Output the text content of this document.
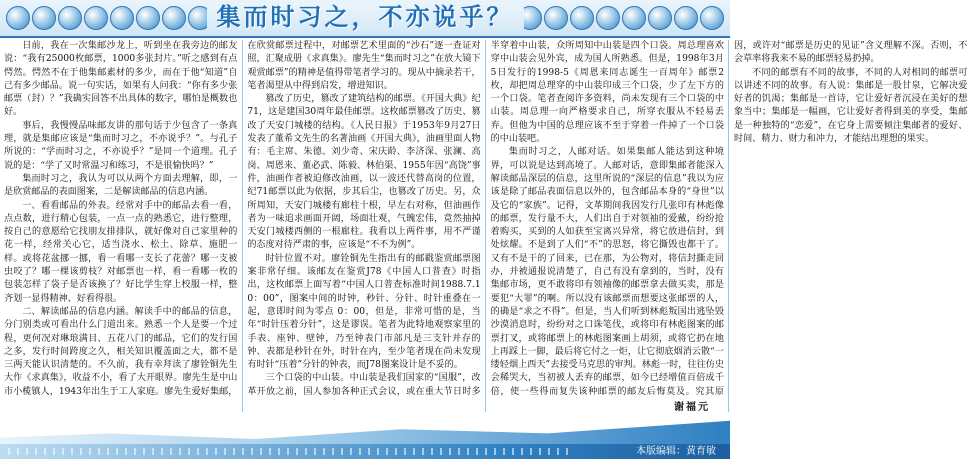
集而时习之，不亦说乎？

日前，我在一次集邮沙龙上，听到坐在我旁边的邮友说：“我有25000枚邮票，1000多张封片。”听之感到有点愕然。愕然不在于他集邮素材的多少，而在于他“知道”自己有多少邮品。说一句实话，如果有人问我：“你有多少张邮票（封）？”我确实回答不出具体的数字，哪怕是概数也好。

事后，我慢慢品味邮友讲的那句话于少包含了一条真理，就是集邮应该是“集而时习之，不亦说乎？”。与孔子所说的：“学而时习之，不亦说乎？”是同一个道理。孔子说的是：“学了又时常温习和练习，不是很愉快吗？”

集而时习之，我认为可以从两个方面去理解，即，一是欣赏邮品的表面图案，二是解读邮品的信息内涵。

一、看看邮品的外表。经常对手中的邮品去看一看，点点数，进行精心包装，一点一点的熟悉它，进行整理，按自己的意愿给它找朋友排排队，就好像对自己家里种的花一样，经常关心它，适当浇水、松土、除草、施肥一样。或将花盆挪一挪，看一看哪一支长了花蕾？哪一支被虫咬了？哪一棵该剪枝？对邮票也一样，看一看哪一枚的包装怎样了袋子是否该换了？好比学生穿上校服一样，整齐划一显得精神、好看得很。

二、解读邮品的信息内涵。解读手中的邮品的信息，分门别类或可看出什么门道出来。熟悉一个人是要一个过程，更何况对琳琅满目、五花八门的邮品，它们的发行国之多，发行时间跨度之久，相关知识覆盖面之大，都不是三两天能认识清楚的。不久前，我有幸拜读了廖铨铜先生大作《求真集》，收益不小，看了大开眼界。廖先生是中山市小榄镇人，1943年出生于工人家庭。廖先生爱好集邮，在欣赏邮票过程中，对邮票艺术里面的“沙石”逐一查证对照，汇聚成册《求真集》。廖先生“集而时习之”在放大镜下观赏邮票”的精神是值得带笔者学习的。现从中摘录若干，笔者渴望从中得到启发，增进知识。

篡改了历史，篡改了建筑结构的邮票。《开国大典》纪71，这是建国30周年最佳邮票。这枚邮票篡改了历史、篡改了天安门城楼的结构。《人民日报》于1953年9月27日发表了董希文先生的名著油画《开国大典》，油画里面人物有：毛主席、朱德、刘少奇、宋庆龄、李济深、张澜、高岗、周恩来、董必武、陈毅、林伯渠、1955年因“高饶”事件，油画作者被迫修改油画，以一波还代替高岗的位置，纪71邮票以此为依据，步其后尘，也篡改了历史。另，众所周知，天安门城楼有廊柱十根，早左右对称，但油画作者为一味追求画面开阔，场面壮观，气魄宏伟，竟然抽掉天安门城楼西侧的一根廊柱。我看以上两件事，用不严谨的态度对待严肃的事，应该是“不不为例”。

时针位置不对。廖铨铜先生指出有的邮戳鉴赏邮票图案非常仔细。该邮友在鉴赏J78《中国人口普查》时指出，这枚邮票上面写着“中国人口普查标准时间1988.7.1 0：00”，图案中间的时钟，秒针、分针、时针重叠在一起，意即时间为零点 0：00，但是，非常可惜的是，当年“时针压着分针”，这是谬误。笔者为此特地观察家里的手表、座钟、壁钟，乃至钟表门市部凡是三支针并存的钟、表都是秒针在外，时针在内，至少笔者现在尚未发现有时针“压着”分针的钟表，而J78图案设计是不妥的。

三个口袋的中山装。中山装是我们国家的“国服”，改革开放之前，国人参加各种正式会议，或在重大节日时多半穿着中山装，众所周知中山装是四个口袋。周总理喜欢穿中山装会见外宾，成为国人所熟悉。但是，1998年3月5日发行的1998-5《周恩来同志诞生一百周年》邮票2枚，却把周总理穿的中山装印成三个口袋，少了左下方的一个口袋。笔者查阅许多资料，尚未发现有三个口袋的中山装。周总理一向严格要求自己，所穿衣服从不轻易丢弃。但他为中国的总理应该不至于穿着一件掉了一个口袋的中山装吧。

集而时习之，人邮对话。如果集邮人能达到这种境界，可以说是达到高境了。人邮对话，意即集邮者能深入解读邮品深层的信息，这里所说的“深层的信息”我以为应该是除了邮品表面信息以外的，包含邮品本身的“身世”以及它的“家族”。记得，文革期间我因发行几张印有林彪像的邮票，发行量不大，人们出自于对领袖的爱戴，纷纷抢着购买，买到的人如获至宝离兴异常，将它放进信封，到处炫耀。不是到了人们“不”的思怒，将它撕毁也都干了。又有不是干的了回来，已在那，为公物对，将信封撕走回办，并被通报说清楚了，自己有没有拿到的，当时，没有集邮市场，更不敢将印有领袖像的邮票拿去做买卖，那是要犯“大罪”的啊。所以没有该邮票而想要这张邮票的人，的确是“求之不得”。但是，当人们听到林彪叛国出逃坠毁沙漠消息时，纷纷对之口诛笔伐，或将印有林彪图案的邮票打叉，或将邮票上的林彪图案画上胡须，或将它扔在地上再踩上一脚，最后将它付之一炬，让它彻底烟消云散“一缕轻烟上西天”去接受马克思的审判。林彪一时，往往仿史会稀哭大，当初被人丢弃的邮票，如今已经增值百倍成千倍，使一些得而复失该种邮票的邮友后悔莫及。究其原因，或许对“邮票是历史的见证”含义理解不深。否则，不会草率将我来不易的邮票轻易扔掉。

不同的邮票有不同的故事，不同的人对相同的邮票可以讲述不同的故事。有人说：集邮是一股甘泉，它解决爱好者的饥渴；集邮是一首诗，它让爱好者沉浸在美好的想象当中；集邮是一幅画，它让爱好者得到美的享受，集邮是一种独特的“恋爱”，在它身上需要倾注集邮者的爱好、时间、精力、财力和冲力，才能结出理想的果实。

谢福元
本版编辑：黄育敏
